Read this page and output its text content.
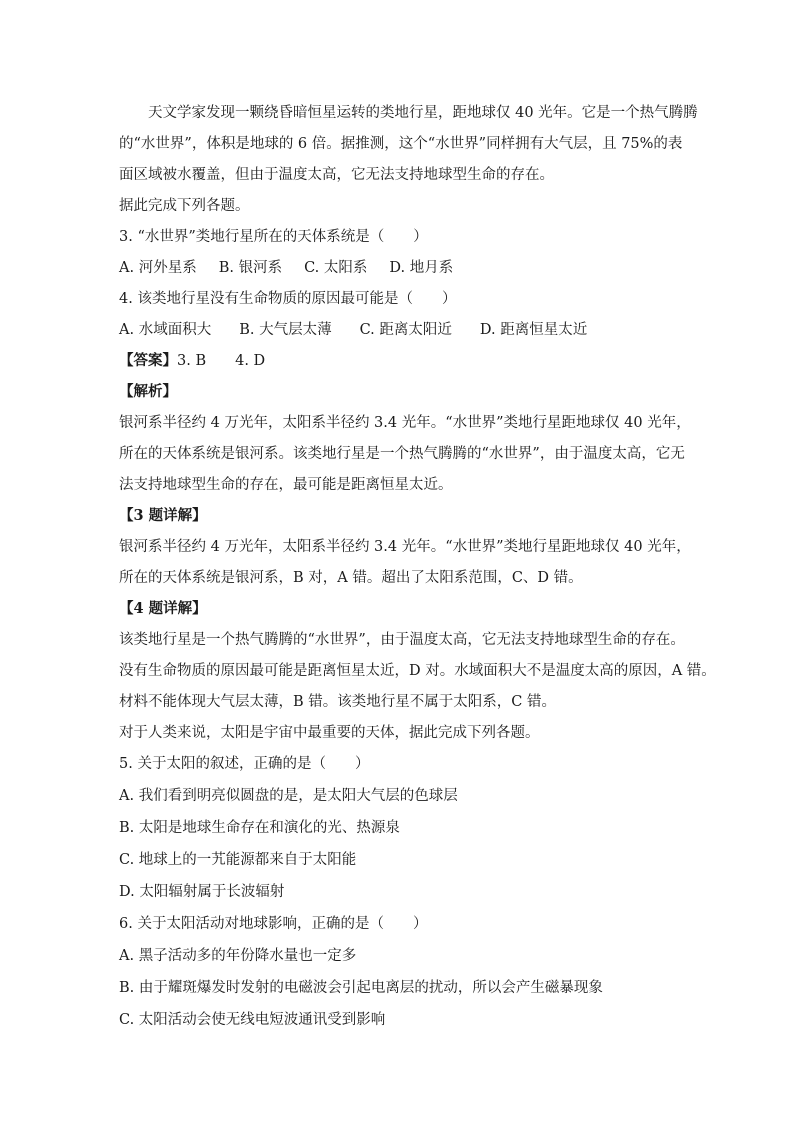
天文学家发现一颗绕昏暗恒星运转的类地行星，距地球仅 40 光年。它是一个热气腾腾
的“水世界”，体积是地球的 6 倍。据推测，这个“水世界”同样拥有大气层，且 75%的表
面区域被水覆盖，但由于温度太高，它无法支持地球型生命的存在。
据此完成下列各题。
3. “水世界”类地行星所在的天体系统是（　　）
A. 河外星系 B. 银河系 C. 太阳系 D. 地月系
4. 该类地行星没有生命物质的原因最可能是（　　）
A. 水域面积大 B. 大气层太薄 C. 距离太阳近 D. 距离恒星太近
【答案】3. B　　4. D
【解析】
银河系半径约 4 万光年，太阳系半径约 3.4 光年。“水世界”类地行星距地球仅 40 光年，
所在的天体系统是银河系。该类地行星是一个热气腾腾的“水世界”，由于温度太高，它无
法支持地球型生命的存在，最可能是距离恒星太近。
【3 题详解】
银河系半径约 4 万光年，太阳系半径约 3.4 光年。“水世界”类地行星距地球仅 40 光年，
所在的天体系统是银河系，B 对，A 错。超出了太阳系范围，C、D 错。
【4 题详解】
该类地行星是一个热气腾腾的“水世界”，由于温度太高，它无法支持地球型生命的存在。
没有生命物质的原因最可能是距离恒星太近，D 对。水域面积大不是温度太高的原因，A 错。
材料不能体现大气层太薄，B 错。该类地行星不属于太阳系，C 错。
对于人类来说，太阳是宇宙中最重要的天体，据此完成下列各题。
5. 关于太阳的叙述，正确的是（　　）
A. 我们看到明亮似圆盘的是，是太阳大气层的色球层
B. 太阳是地球生命存在和演化的光、热源泉
C. 地球上的一艽能源都来自于太阳能
D. 太阳辐射属于长波辐射
6. 关于太阳活动对地球影响，正确的是（　　）
A. 黑子活动多的年份降水量也一定多
B. 由于耀斑爆发时发射的电磁波会引起电离层的扰动，所以会产生磁暴现象
C. 太阳活动会使无线电短波通讯受到影响
